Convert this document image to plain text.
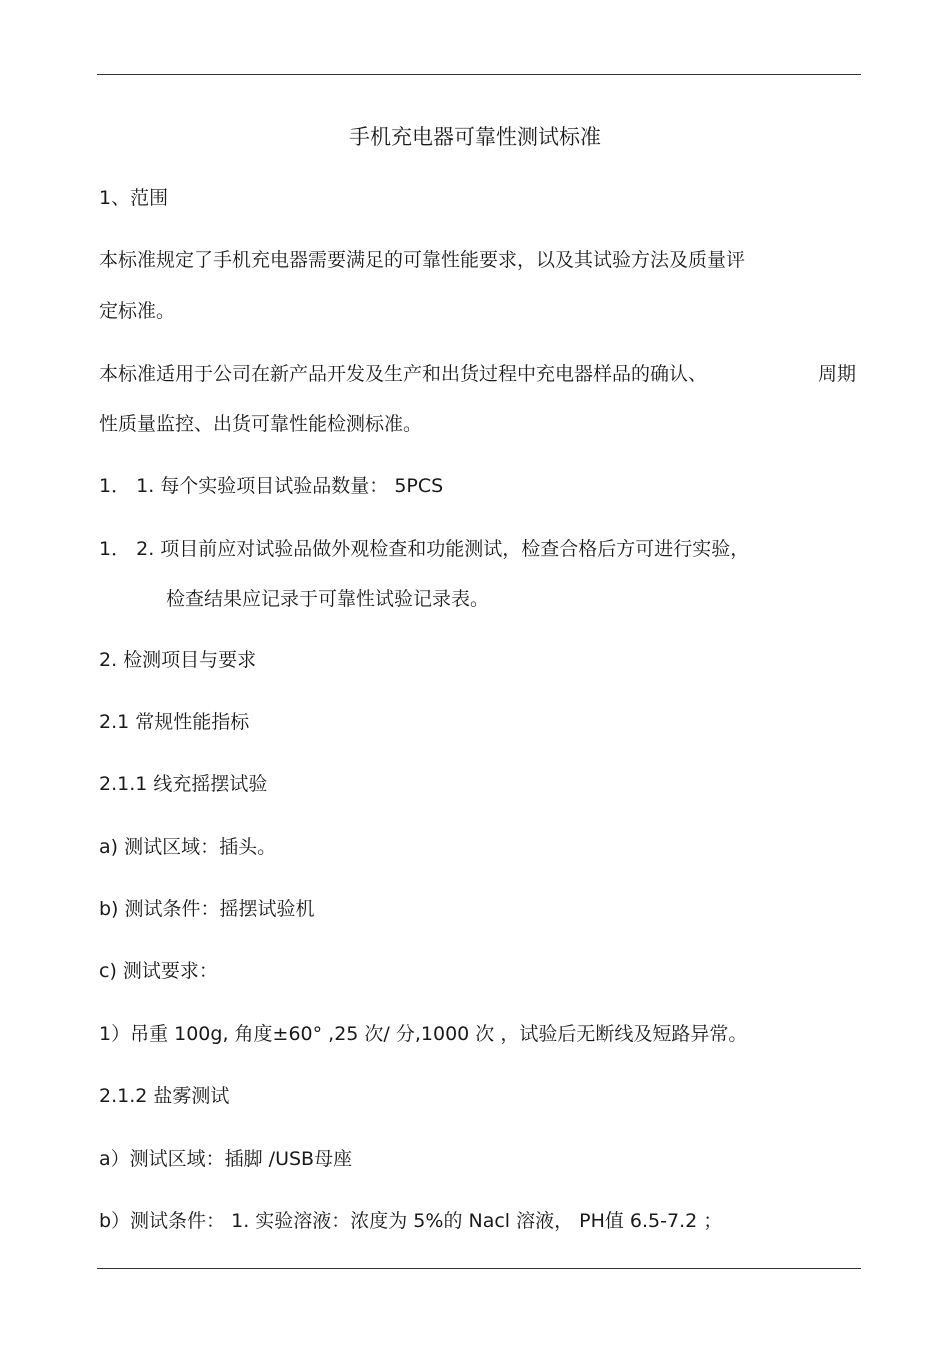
手机充电器可靠性测试标准
1、范围
本标准规定了手机充电器需要满足的可靠性能要求，以及其试验方法及质量评
定标准。
本标准适用于公司在新产品开发及生产和出货过程中充电器样品的确认、	周期
性质量监控、出货可靠性能检测标准。
1． 1. 每个实验项目试验品数量： 5PCS
1． 2. 项目前应对试验品做外观检查和功能测试，检查合格后方可进行实验，
检查结果应记录于可靠性试验记录表。
2. 检测项目与要求
2.1 常规性能指标
2.1.1 线充摇摆试验
a) 测试区域：插头。
b) 测试条件：摇摆试验机
c) 测试要求：
1）吊重 100g, 角度±60° ,25 次/ 分,1000 次 ，试验后无断线及短路异常。
2.1.2 盐雾测试
a）测试区域：插脚 /USB母座
b）测试条件： 1. 实验溶液：浓度为 5%的 Nacl 溶液， PH值 6.5-7.2 ；
